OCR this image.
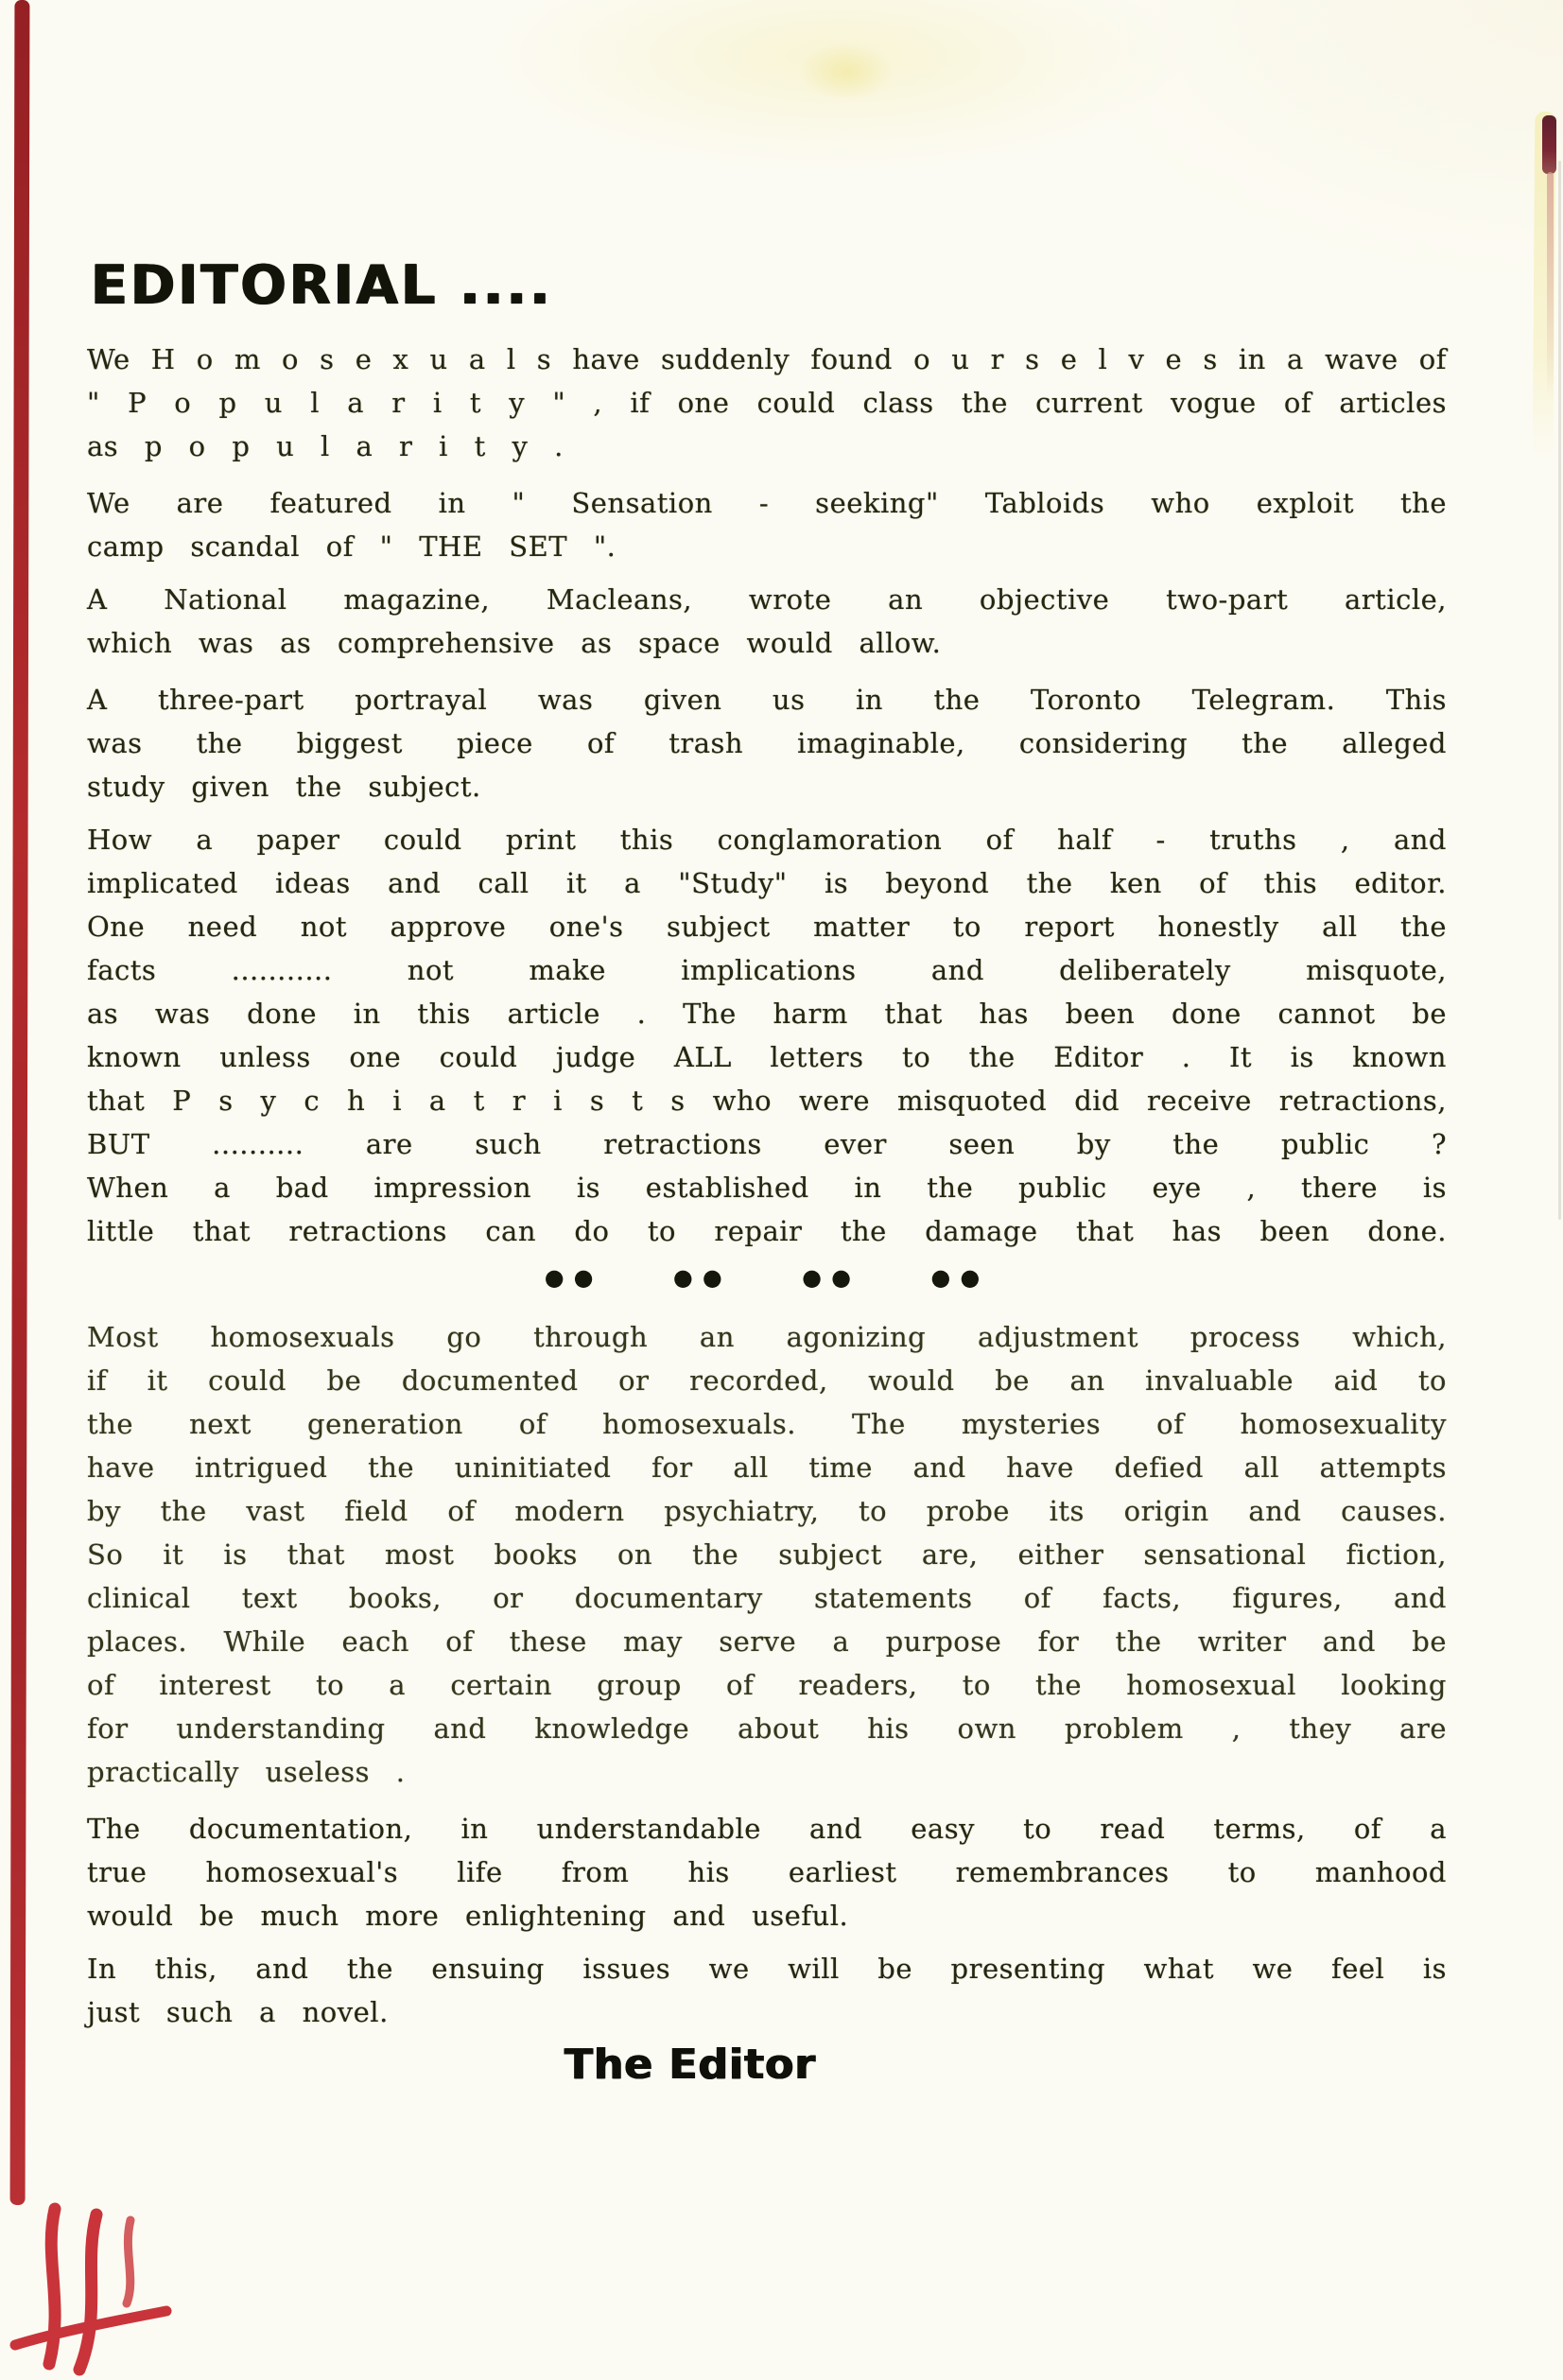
EDITORIAL ....

We H o m o s e x u a l s have suddenly found o u r s e l v e s in a wave of
" P o p u l a r i t y " , if one could class the current vogue of articles
as p o p u l a r i t y .

We are featured in " Sensation - seeking" Tabloids who exploit the
camp scandal of " THE SET ".

A National magazine, Macleans, wrote an objective two-part article,
which was as comprehensive as space would allow.

A three-part portrayal was given us in the Toronto Telegram. This
was the biggest piece of trash imaginable, considering the alleged
study given the subject.

How a paper could print this conglamoration of half - truths , and
implicated ideas and call it a "Study" is beyond the ken of this editor.
One need not approve one's subject matter to report honestly all the
facts ........... not make implications and deliberately misquote,
as was done in this article . The harm that has been done cannot be
known unless one could judge ALL letters to the Editor . It is known
that P s y c h i a t r i s t s who were misquoted did receive retractions,
BUT .......... are such retractions ever seen by the public ?
When a bad impression is established in the public eye , there is
little that retractions can do to repair the damage that has been done.

●● ●● ●● ●●

Most homosexuals go through an agonizing adjustment process which,
if it could be documented or recorded, would be an invaluable aid to
the next generation of homosexuals. The mysteries of homosexuality
have intrigued the uninitiated for all time and have defied all attempts
by the vast field of modern psychiatry, to probe its origin and causes.
So it is that most books on the subject are, either sensational fiction,
clinical text books, or documentary statements of facts, figures, and
places. While each of these may serve a purpose for the writer and be
of interest to a certain group of readers, to the homosexual looking
for understanding and knowledge about his own problem , they are
practically useless .

The documentation, in understandable and easy to read terms, of a
true homosexual's life from his earliest remembrances to manhood
would be much more enlightening and useful.

In this, and the ensuing issues we will be presenting what we feel is
just such a novel.

The Editor
